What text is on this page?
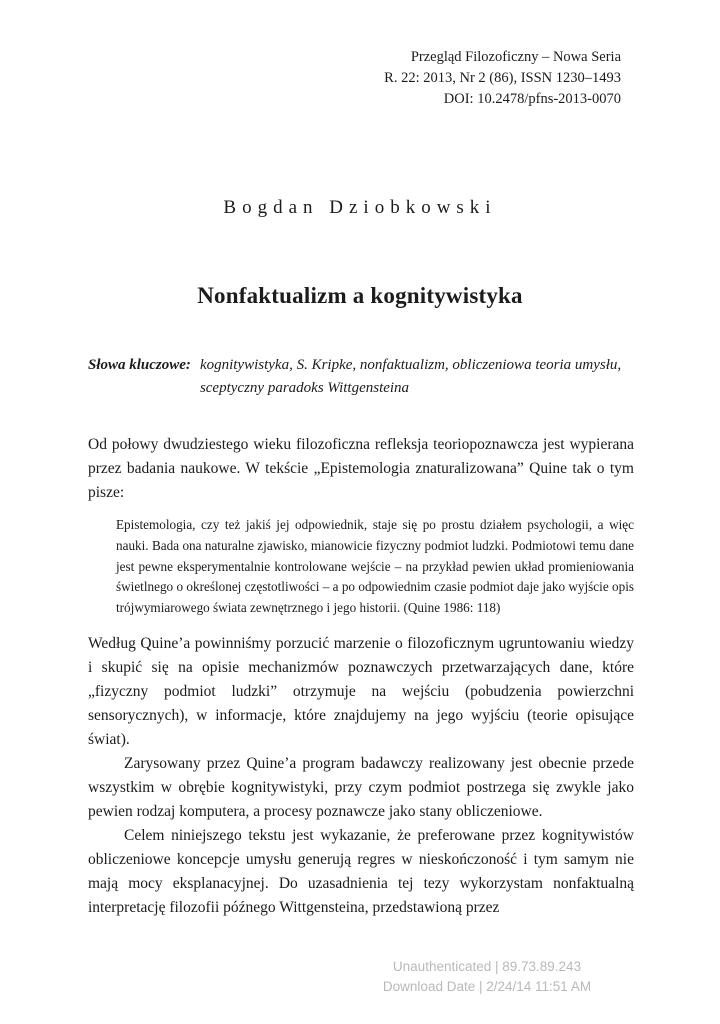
Przegląd Filozoficzny – Nowa Seria
R. 22: 2013, Nr 2 (86), ISSN 1230–1493
DOI: 10.2478/pfns-2013-0070
Bogdan Dziobkowski
Nonfaktualizm a kognitywistyka
Słowa kluczowe: kognitywistyka, S. Kripke, nonfaktualizm, obliczeniowa teoria umysłu, sceptyczny paradoks Wittgensteina

Od połowy dwudziestego wieku filozoficzna refleksja teoriopoznawcza jest wypierana przez badania naukowe. W tekście „Epistemologia znaturalizowana” Quine tak o tym pisze:

Epistemologia, czy też jakiś jej odpowiednik, staje się po prostu działem psychologii, a więc nauki. Bada ona naturalne zjawisko, mianowicie fizyczny podmiot ludzki. Podmiotowi temu dane jest pewne eksperymentalnie kontrolowane wejście – na przykład pewien układ promieniowania świetlnego o określonej częstotliwości – a po odpowiednim czasie podmiot daje jako wyjście opis trójwymiarowego świata zewnętrznego i jego historii. (Quine 1986: 118)

Według Quine’a powinniśmy porzucić marzenie o filozoficznym ugruntowaniu wiedzy i skupić się na opisie mechanizmów poznawczych przetwarzających dane, które „fizyczny podmiot ludzki” otrzymuje na wejściu (pobudzenia powierzchni sensorycznych), w informacje, które znajdujemy na jego wyjściu (teorie opisujące świat).

Zarysowany przez Quine’a program badawczy realizowany jest obecnie przede wszystkim w obrębie kognitywistyki, przy czym podmiot postrzega się zwykle jako pewien rodzaj komputera, a procesy poznawcze jako stany obliczeniowe.

Celem niniejszego tekstu jest wykazanie, że preferowane przez kognitywistów obliczeniowe koncepcje umysłu generują regres w nieskończoność i tym samym nie mają mocy eksplanacyjnej. Do uzasadnienia tej tezy wykorzystam nonfaktualną interpretację filozofii późnego Wittgensteina, przedstawioną przez

Unauthenticated | 89.73.89.243
Download Date | 2/24/14 11:51 AM
